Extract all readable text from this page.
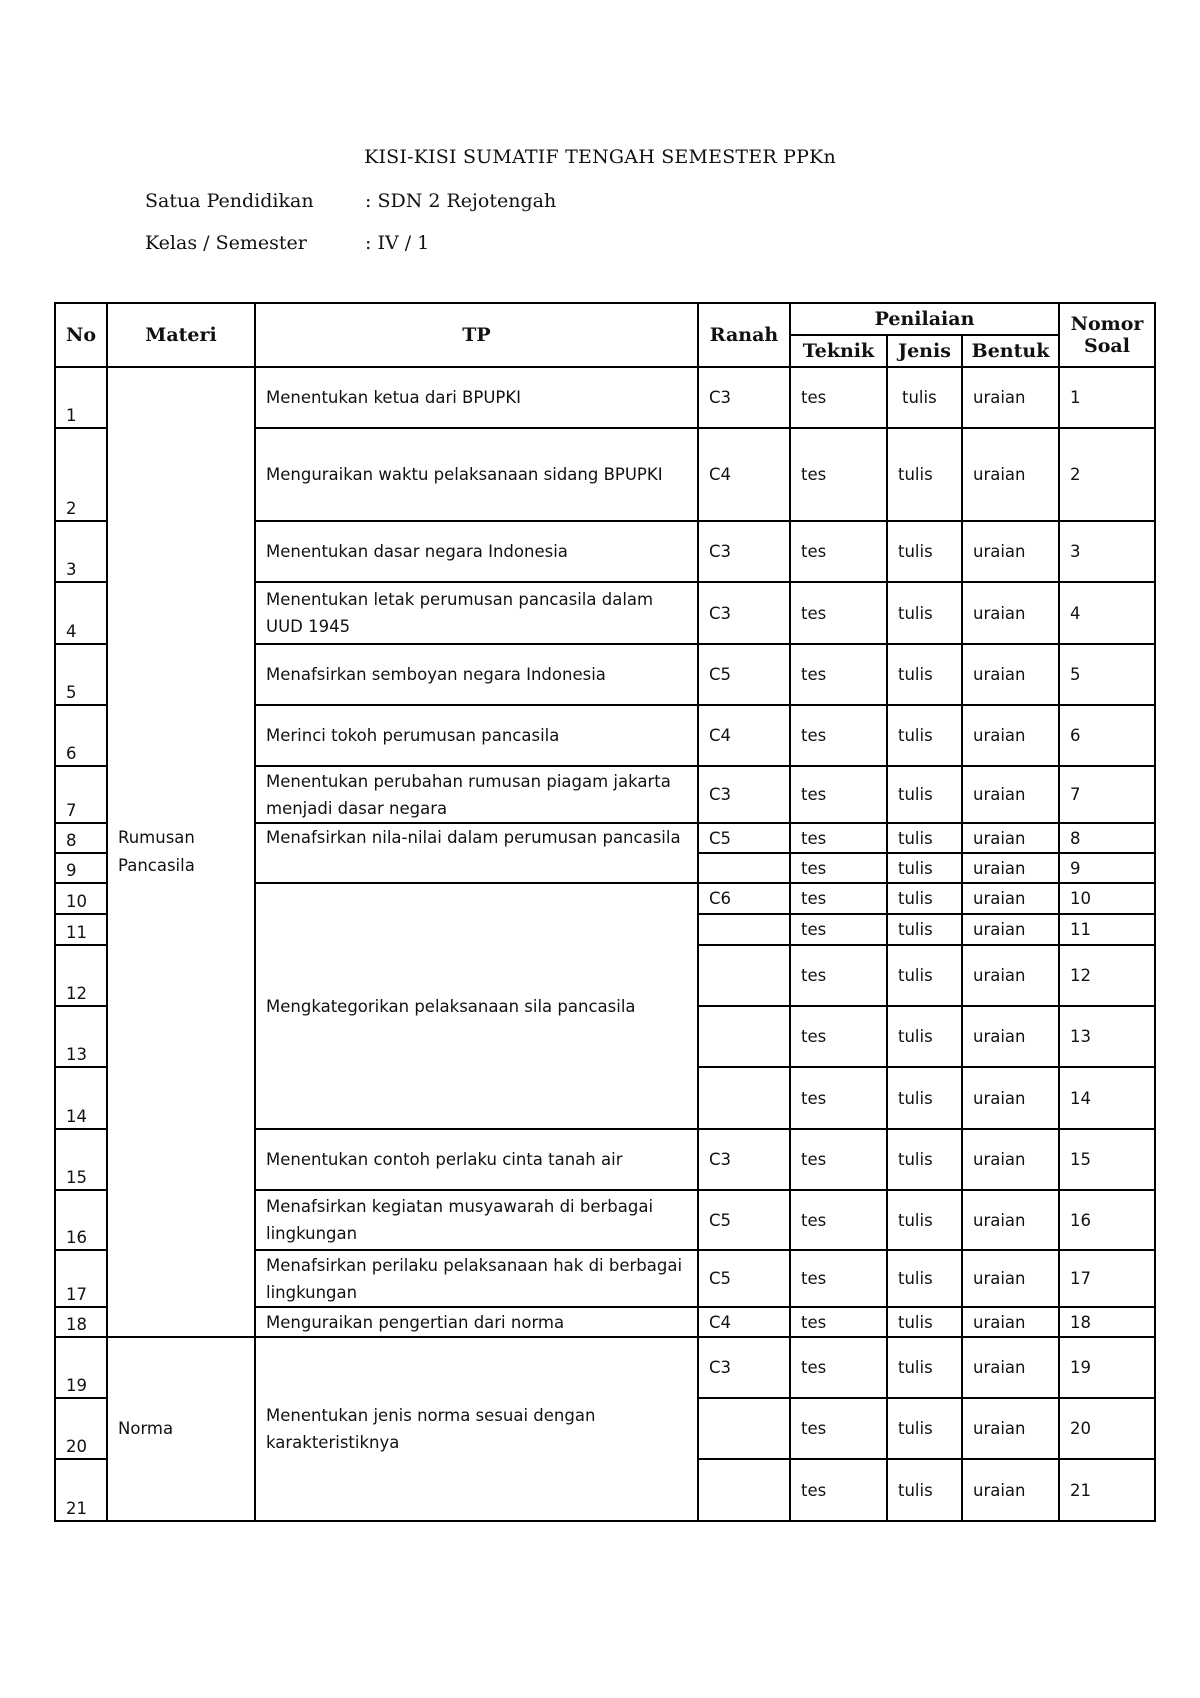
KISI-KISI SUMATIF TENGAH SEMESTER PPKn
Satua Pendidikan	: SDN 2 Rejotengah
Kelas / Semester	: IV / 1
No	Materi	TP	Ranah	Penilaian			Nomor Soal
				Teknik	Jenis	Bentuk	
1	Rumusan Pancasila	Menentukan ketua dari BPUPKI	C3	tes	tulis	uraian	1
2		Menguraikan waktu pelaksanaan sidang BPUPKI	C4	tes	tulis	uraian	2
3		Menentukan dasar negara Indonesia	C3	tes	tulis	uraian	3
4		Menentukan letak perumusan pancasila dalam UUD 1945	C3	tes	tulis	uraian	4
5		Menafsirkan semboyan negara Indonesia	C5	tes	tulis	uraian	5
6		Merinci tokoh perumusan pancasila	C4	tes	tulis	uraian	6
7		Menentukan perubahan rumusan piagam jakarta menjadi dasar negara	C3	tes	tulis	uraian	7
8		Menafsirkan nila-nilai dalam perumusan pancasila	C5	tes	tulis	uraian	8
9				tes	tulis	uraian	9
10		Mengkategorikan pelaksanaan sila pancasila	C6	tes	tulis	uraian	10
11				tes	tulis	uraian	11
12				tes	tulis	uraian	12
13				tes	tulis	uraian	13
14				tes	tulis	uraian	14
15		Menentukan contoh perlaku cinta tanah air	C3	tes	tulis	uraian	15
16		Menafsirkan kegiatan musyawarah di berbagai lingkungan	C5	tes	tulis	uraian	16
17		Menafsirkan perilaku pelaksanaan hak di berbagai lingkungan	C5	tes	tulis	uraian	17
18		Menguraikan pengertian dari norma	C4	tes	tulis	uraian	18
19	Norma	Menentukan jenis norma sesuai dengan karakteristiknya	C3	tes	tulis	uraian	19
20				tes	tulis	uraian	20
21				tes	tulis	uraian	21
